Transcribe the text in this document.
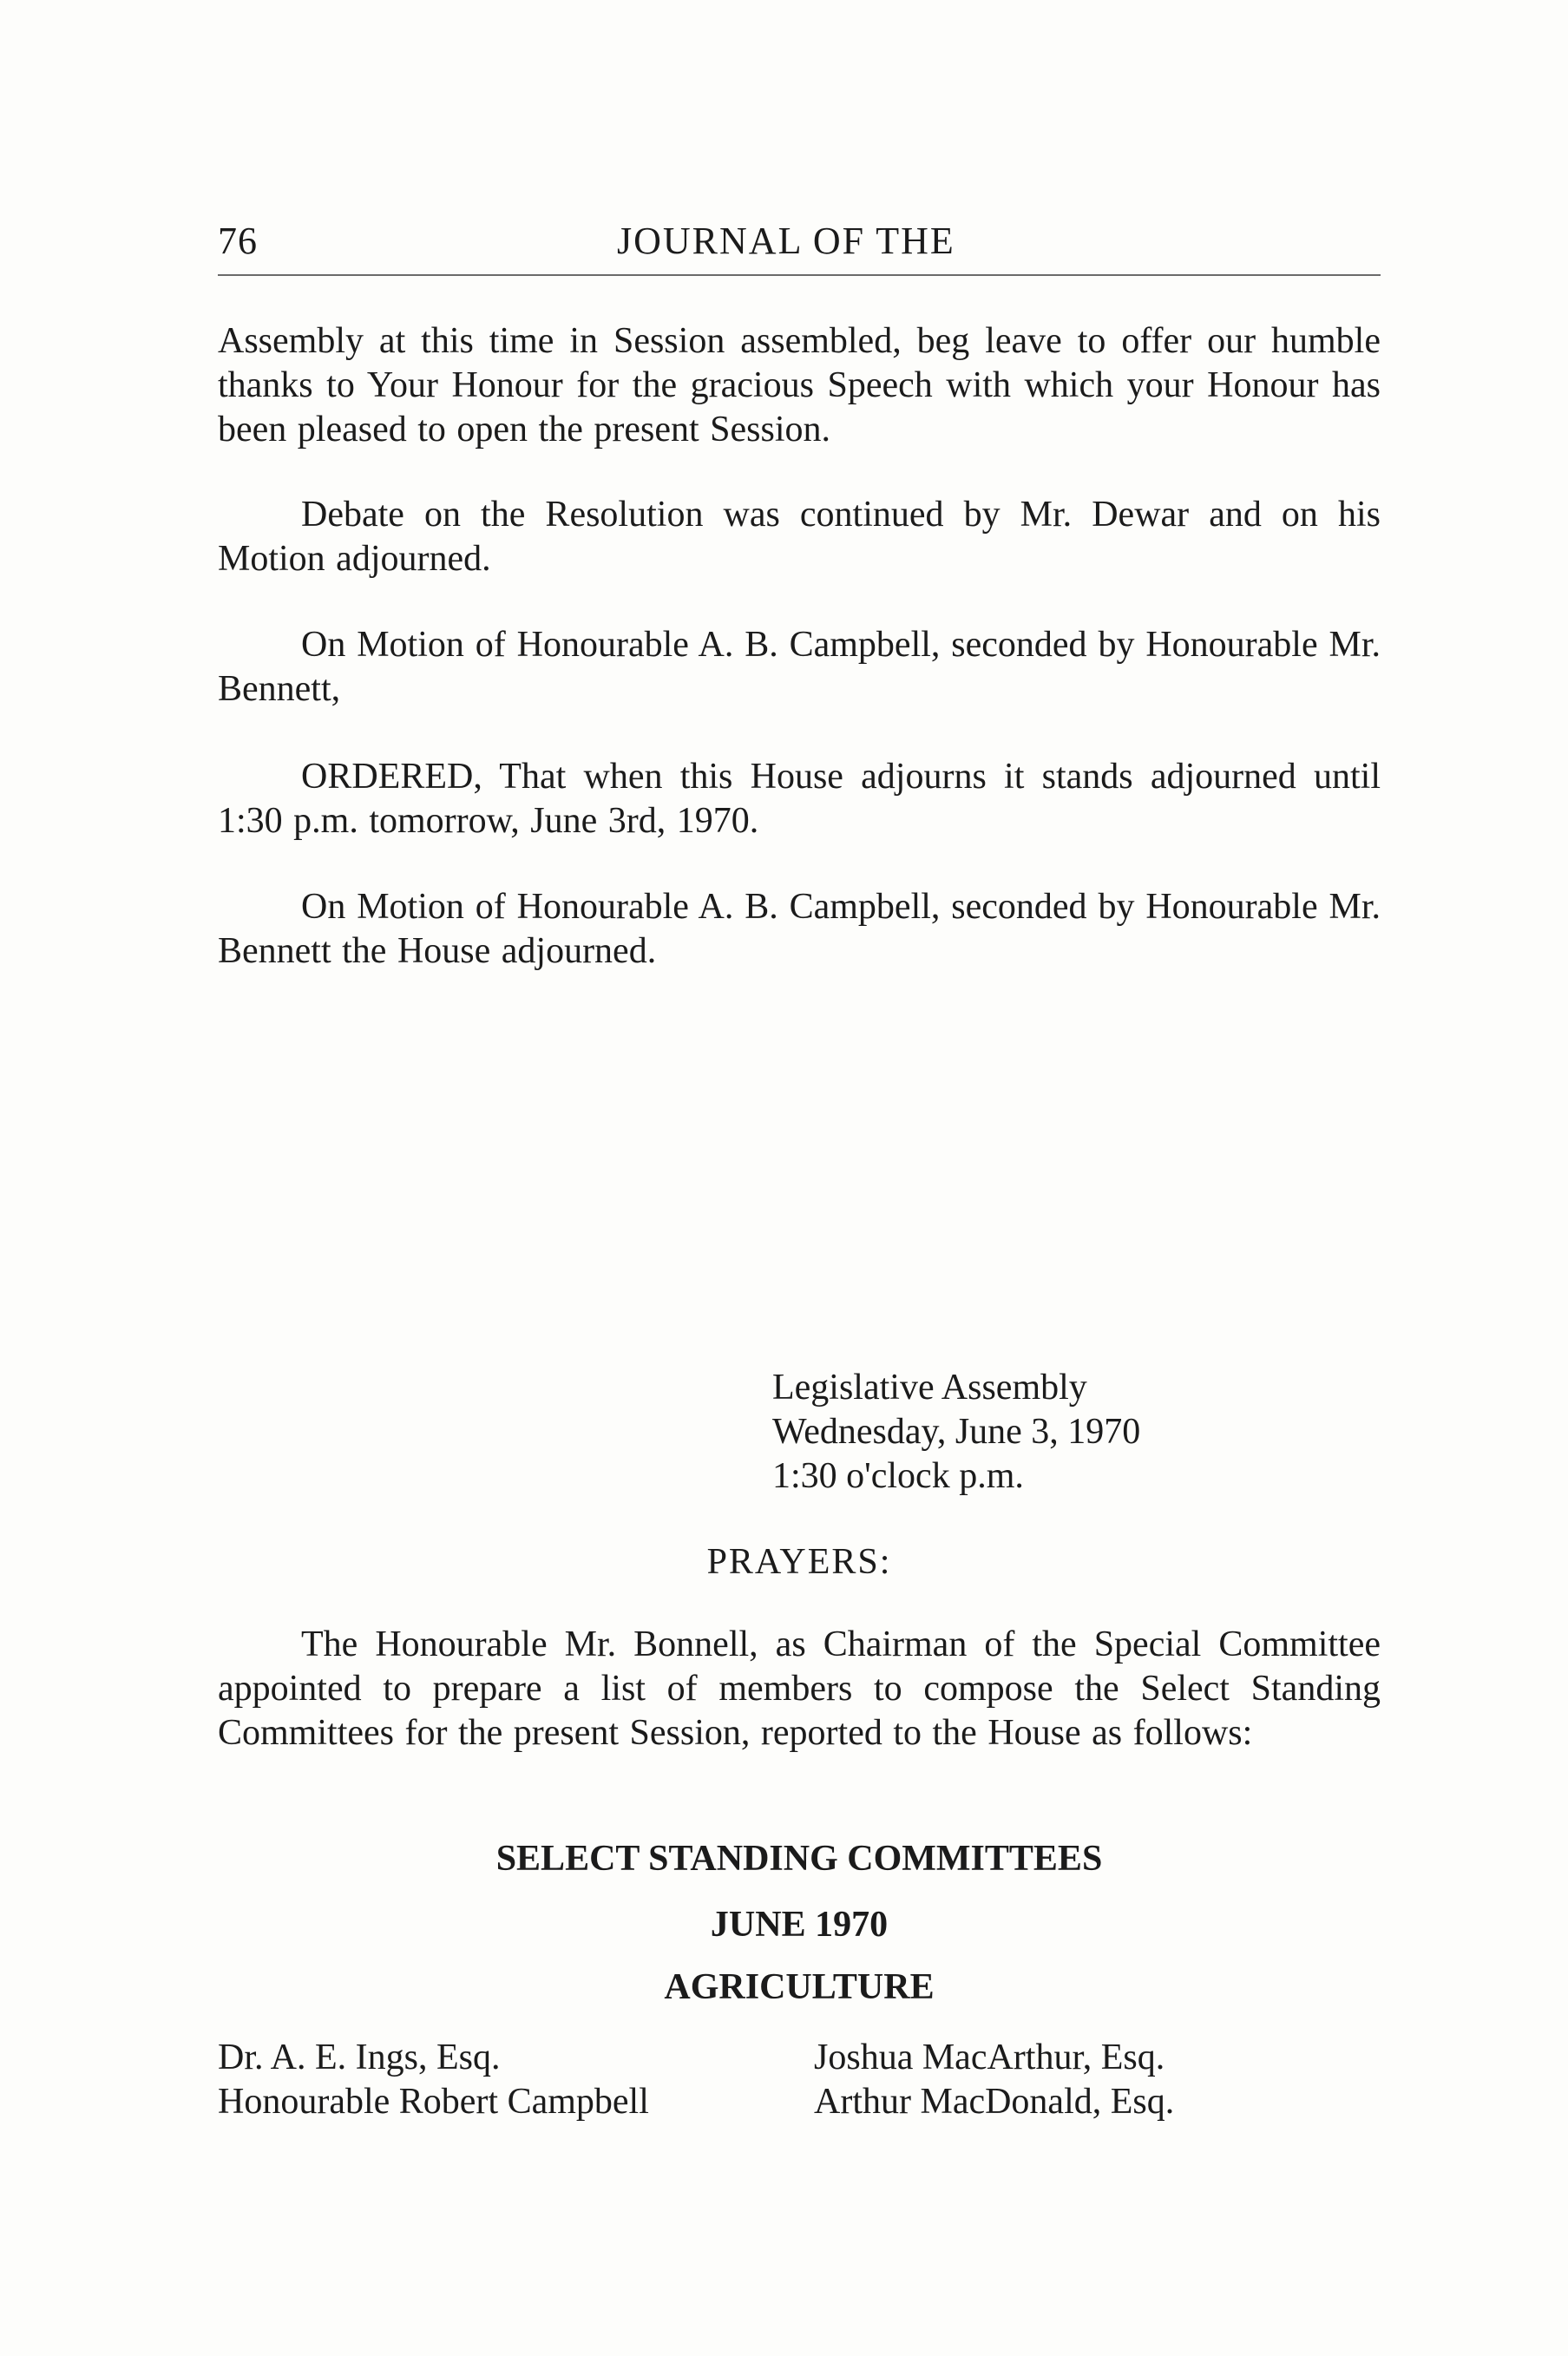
76	JOURNAL OF THE

Assembly at this time in Session assembled, beg leave to offer our humble thanks to Your Honour for the gracious Speech with which your Honour has been pleased to open the present Session.

Debate on the Resolution was continued by Mr. Dewar and on his Motion adjourned.

On Motion of Honourable A. B. Campbell, seconded by Honourable Mr. Bennett,

ORDERED, That when this House adjourns it stands adjourned until 1:30 p.m. tomorrow, June 3rd, 1970.

On Motion of Honourable A. B. Campbell, seconded by Honourable Mr. Bennett the House adjourned.

Legislative Assembly
Wednesday, June 3, 1970
1:30 o'clock p.m.
PRAYERS:

The Honourable Mr. Bonnell, as Chairman of the Special Committee appointed to prepare a list of members to compose the Select Standing Committees for the present Session, reported to the House as follows:

SELECT STANDING COMMITTEES
JUNE 1970
AGRICULTURE
Dr. A. E. Ings, Esq.
Honourable Robert Campbell
Joshua MacArthur, Esq.
Arthur MacDonald, Esq.
